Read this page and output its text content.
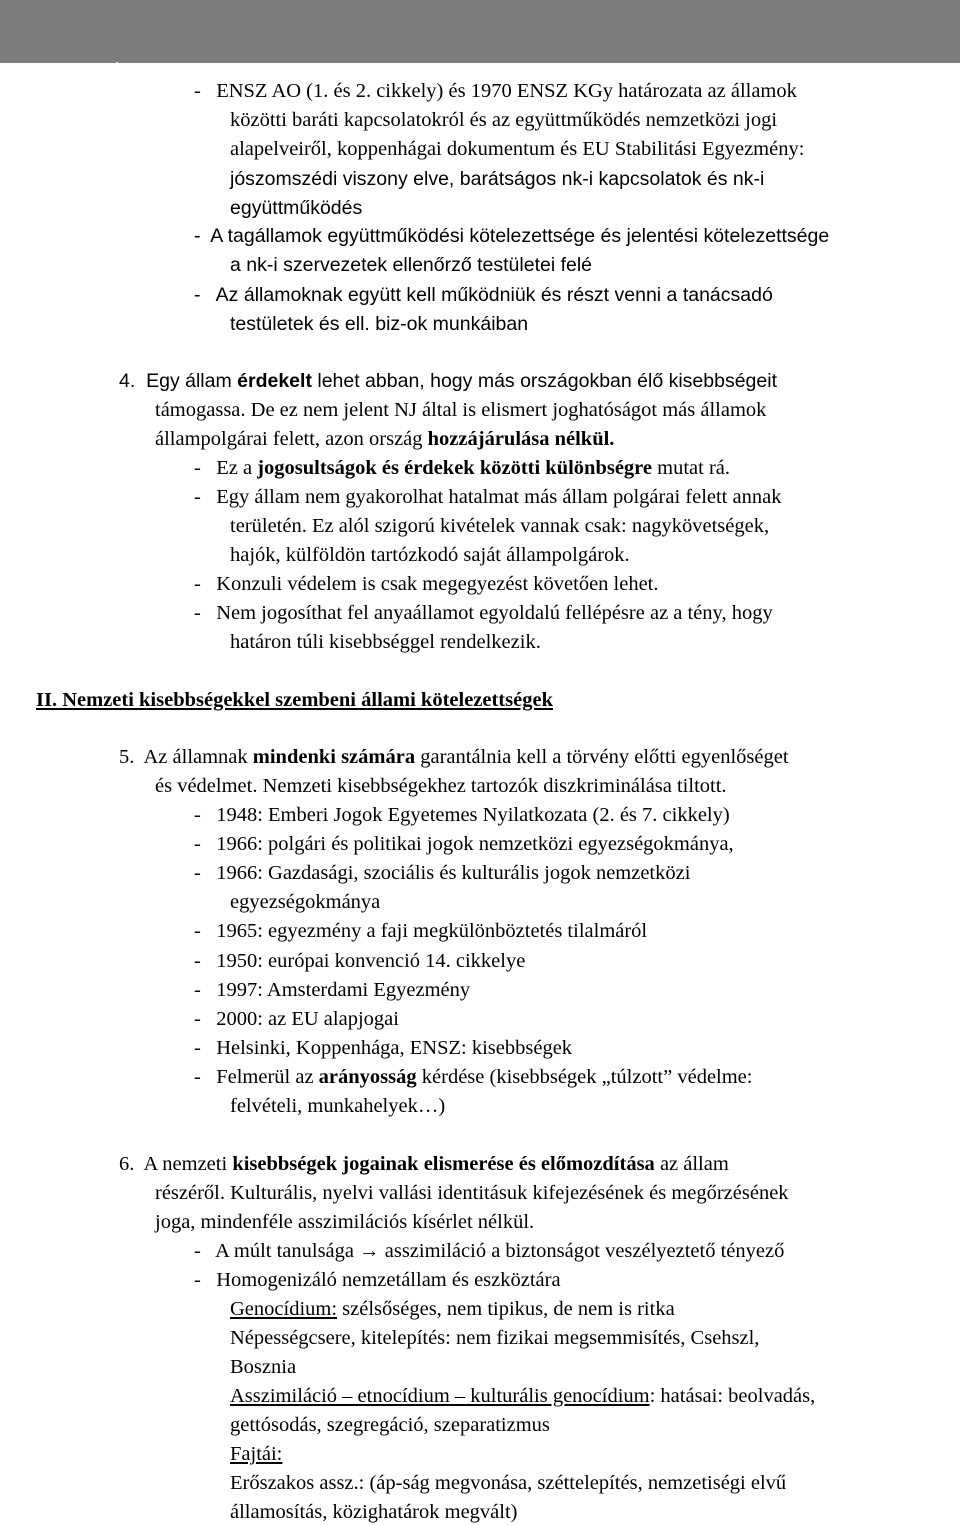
Nemzet és Állam között: Kin-state és host country gyakorlati politikák (Európában és

Ázsiában) ELTE – ÁJK, 2011-12 ősz

-   ENSZ AO (1. és 2. cikkely) és 1970 ENSZ KGy határozata az államok
közötti baráti kapcsolatokról és az együttműködés nemzetközi jogi
alapelveiről, koppenhágai dokumentum és EU Stabilitási Egyezmény:
jószomszédi viszony elve, barátságos nk-i kapcsolatok és nk-i
együttműködés
-  A tagállamok együttműködési kötelezettsége és jelentési kötelezettsége
a nk-i szervezetek ellenőrző testületei felé
-   Az államoknak együtt kell működniük és részt venni a tanácsadó
testületek és ell. biz-ok munkáiban
4.  Egy állam érdekelt lehet abban, hogy más országokban élő kisebbségeit
támogassa. De ez nem jelent NJ által is elismert joghatóságot más államok
állampolgárai felett, azon ország hozzájárulása nélkül.
-   Ez a jogosultságok és érdekek közötti különbségre mutat rá.
-   Egy állam nem gyakorolhat hatalmat más állam polgárai felett annak
területén. Ez alól szigorú kivételek vannak csak: nagykövetségek,
hajók, külföldön tartózkodó saját állampolgárok.
-   Konzuli védelem is csak megegyezést követően lehet.
-   Nem jogosíthat fel anyaállamot egyoldalú fellépésre az a tény, hogy
határon túli kisebbséggel rendelkezik.
II. Nemzeti kisebbségekkel szembeni állami kötelezettségek
5.  Az államnak mindenki számára garantálnia kell a törvény előtti egyenlőséget
és védelmet. Nemzeti kisebbségekhez tartozók diszkriminálása tiltott.
-   1948: Emberi Jogok Egyetemes Nyilatkozata (2. és 7. cikkely)
-   1966: polgári és politikai jogok nemzetközi egyezségokmánya,
-   1966: Gazdasági, szociális és kulturális jogok nemzetközi
egyezségokmánya
-   1965: egyezmény a faji megkülönböztetés tilalmáról
-   1950: európai konvenció 14. cikkelye
-   1997: Amsterdami Egyezmény
-   2000: az EU alapjogai
-   Helsinki, Koppenhága, ENSZ: kisebbségek
-   Felmerül az arányosság kérdése (kisebbségek „túlzott” védelme:
felvételi, munkahelyek…)
6.  A nemzeti kisebbségek jogainak elismerése és előmozdítása az állam
részéről. Kulturális, nyelvi vallási identitásuk kifejezésének és megőrzésének
joga, mindenféle asszimilációs kísérlet nélkül.
-   A múlt tanulsága → asszimiláció a biztonságot veszélyeztető tényező
-   Homogenizáló nemzetállam és eszköztára
Genocídium: szélsőséges, nem tipikus, de nem is ritka
Népességcsere, kitelepítés: nem fizikai megsemmisítés, Csehszl,
Bosznia
Asszimiláció – etnocídium – kulturális genocídium: hatásai: beolvadás,
gettósodás, szegregáció, szeparatizmus
Fajtái:
Erőszakos assz.: (áp-ság megvonása, széttelepítés, nemzetiségi elvű
államosítás, közighatárok megvált)
